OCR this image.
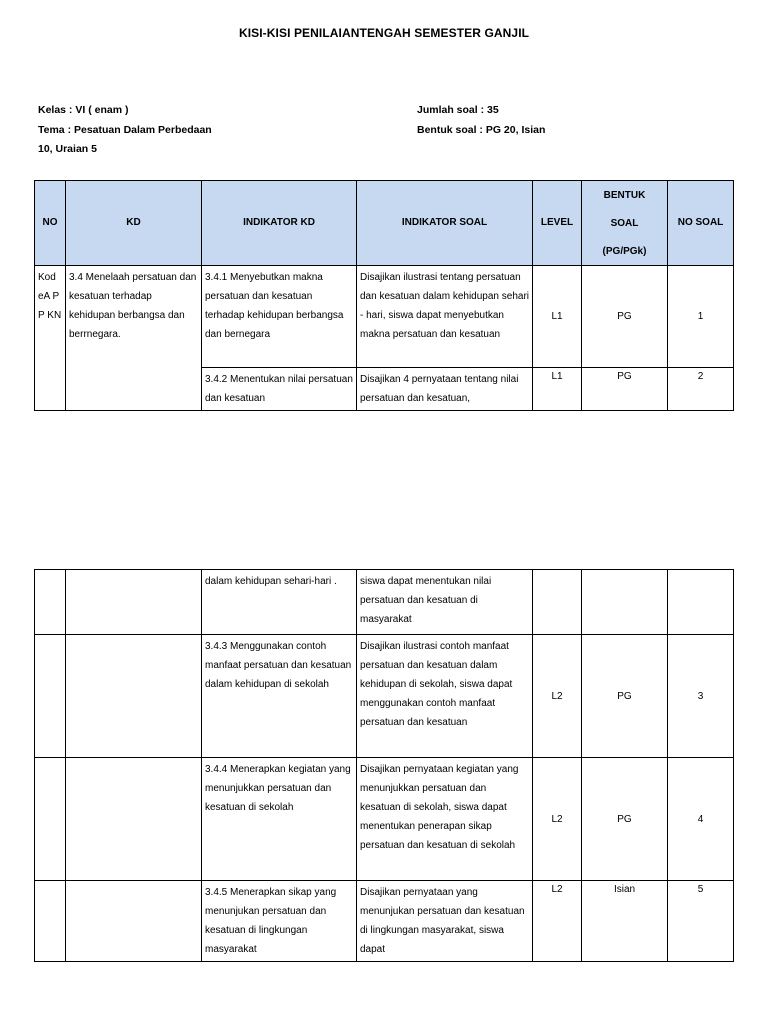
KISI-KISI PENILAIANTENGAH SEMESTER GANJIL
Kelas : VI ( enam )
Tema : Pesatuan Dalam Perbedaan
10, Uraian 5
Jumlah soal : 35
Bentuk soal : PG 20, Isian
NO	KD	INDIKATOR KD	INDIKATOR SOAL	LEVEL	BENTUK
SOAL
(PG/PGk)	NO SOAL
Kod eA PP KN	3.4 Menelaah persatuan dan kesatuan terhadap kehidupan berbangsa dan berrnegara.	3.4.1 Menyebutkan makna persatuan dan kesatuan terhadap kehidupan berbangsa dan bernegara	Disajikan ilustrasi tentang persatuan dan kesatuan dalam kehidupan sehari - hari, siswa dapat menyebutkan makna persatuan dan kesatuan	L1	PG	1
		3.4.2 Menentukan nilai persatuan dan kesatuan	Disajikan 4 pernyataan tentang nilai persatuan dan kesatuan,	L1	PG	2
		dalam kehidupan sehari-hari .	siswa dapat menentukan nilai persatuan dan kesatuan di masyarakat			
		3.4.3 Menggunakan contoh manfaat persatuan dan kesatuan dalam kehidupan di sekolah	Disajikan ilustrasi contoh manfaat persatuan dan kesatuan dalam kehidupan di sekolah, siswa dapat menggunakan contoh manfaat persatuan dan kesatuan	L2	PG	3
		3.4.4 Menerapkan kegiatan yang menunjukkan persatuan dan kesatuan di sekolah	Disajikan pernyataan kegiatan yang menunjukkan persatuan dan kesatuan di sekolah, siswa dapat menentukan penerapan sikap persatuan dan kesatuan di sekolah	L2	PG	4
		3.4.5 Menerapkan sikap yang menunjukan persatuan dan kesatuan di lingkungan masyarakat	Disajikan pernyataan yang menunjukan persatuan dan kesatuan di lingkungan masyarakat, siswa dapat	L2	Isian	5
